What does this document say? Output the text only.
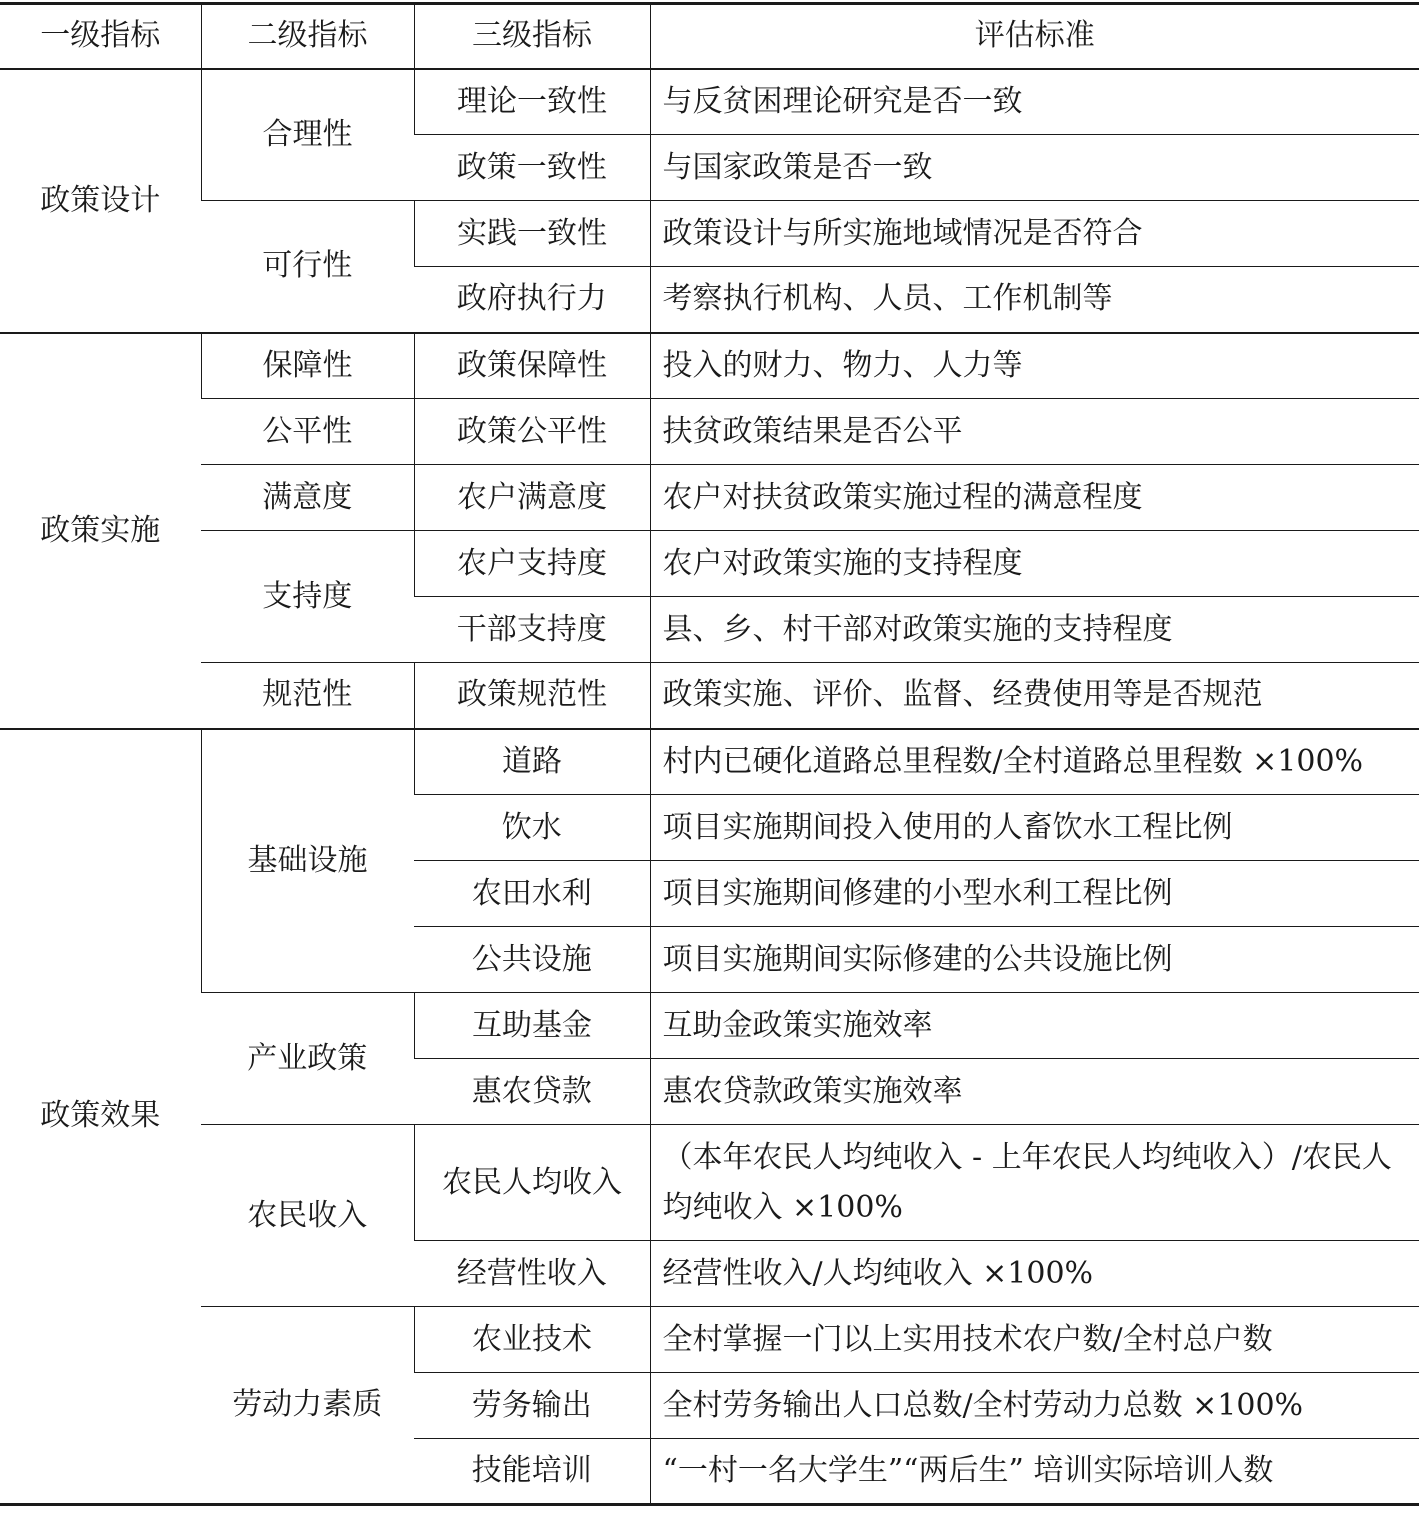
一级指标	二级指标	三级指标	评估标准
政策设计	合理性	理论一致性	与反贫困理论研究是否一致
		政策一致性	与国家政策是否一致
	可行性	实践一致性	政策设计与所实施地域情况是否符合
		政府执行力	考察执行机构、人员、工作机制等
政策实施	保障性	政策保障性	投入的财力、物力、人力等
	公平性	政策公平性	扶贫政策结果是否公平
	满意度	农户满意度	农户对扶贫政策实施过程的满意程度
	支持度	农户支持度	农户对政策实施的支持程度
		干部支持度	县、乡、村干部对政策实施的支持程度
	规范性	政策规范性	政策实施、评价、监督、经费使用等是否规范
政策效果	基础设施	道路	村内已硬化道路总里程数/全村道路总里程数 ×100%
		饮水	项目实施期间投入使用的人畜饮水工程比例
		农田水利	项目实施期间修建的小型水利工程比例
		公共设施	项目实施期间实际修建的公共设施比例
	产业政策	互助基金	互助金政策实施效率
		惠农贷款	惠农贷款政策实施效率
	农民收入	农民人均收入	（本年农民人均纯收入 - 上年农民人均纯收入）/农民人均纯收入 ×100%
		经营性收入	经营性收入/人均纯收入 ×100%
	劳动力素质	农业技术	全村掌握一门以上实用技术农户数/全村总户数
		劳务输出	全村劳务输出人口总数/全村劳动力总数 ×100%
		技能培训	“一村一名大学生”“两后生” 培训实际培训人数
